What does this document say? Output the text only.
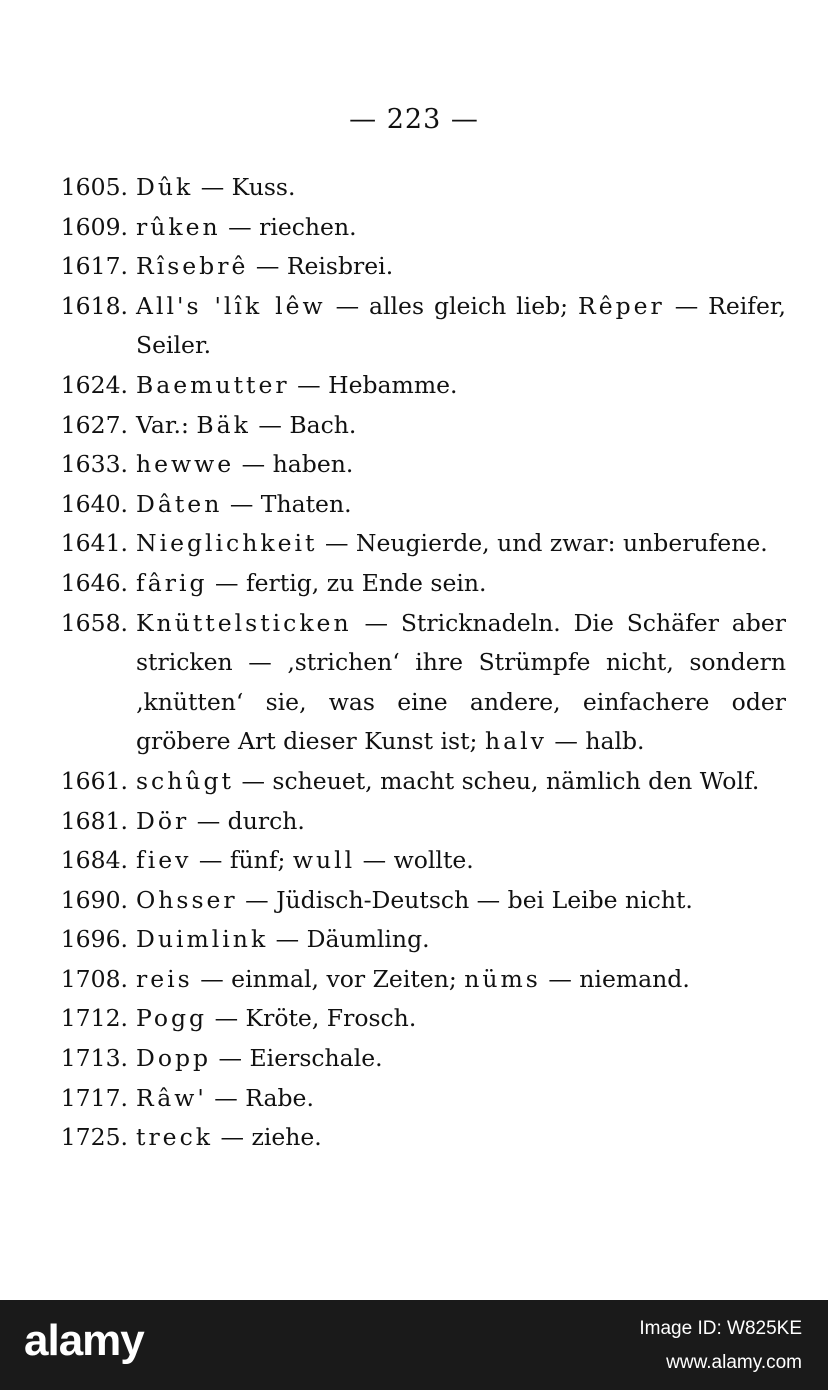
— 223 —
1605. Dûk — Kuss.
1609. rûken — riechen.
1617. Rîsebrê — Reisbrei.
1618. All's 'lîk lêw — alles gleich lieb; Rêper — Reifer, Seiler.
1624. Baemutter — Hebamme.
1627. Var.: Bäk — Bach.
1633. hewwe — haben.
1640. Dâten — Thaten.
1641. Nieglichkeit — Neugierde, und zwar: unberufene.
1646. fârig — fertig, zu Ende sein.
1658. Knüttelsticken — Stricknadeln. Die Schäfer aber stricken — ‚strichen‘ ihre Strümpfe nicht, sondern ‚knütten‘ sie, was eine andere, einfachere oder gröbere Art dieser Kunst ist; halv — halb.
1661. schûgt — scheuet, macht scheu, nämlich den Wolf.
1681. Dör — durch.
1684. fiev — fünf; wull — wollte.
1690. Ohsser — Jüdisch-Deutsch — bei Leibe nicht.
1696. Duimlink — Däumling.
1708. reis — einmal, vor Zeiten; nüms — niemand.
1712. Pogg — Kröte, Frosch.
1713. Dopp — Eierschale.
1717. Râw' — Rabe.
1725. treck — ziehe.
alamy	Image ID: W825KE
www.alamy.com
